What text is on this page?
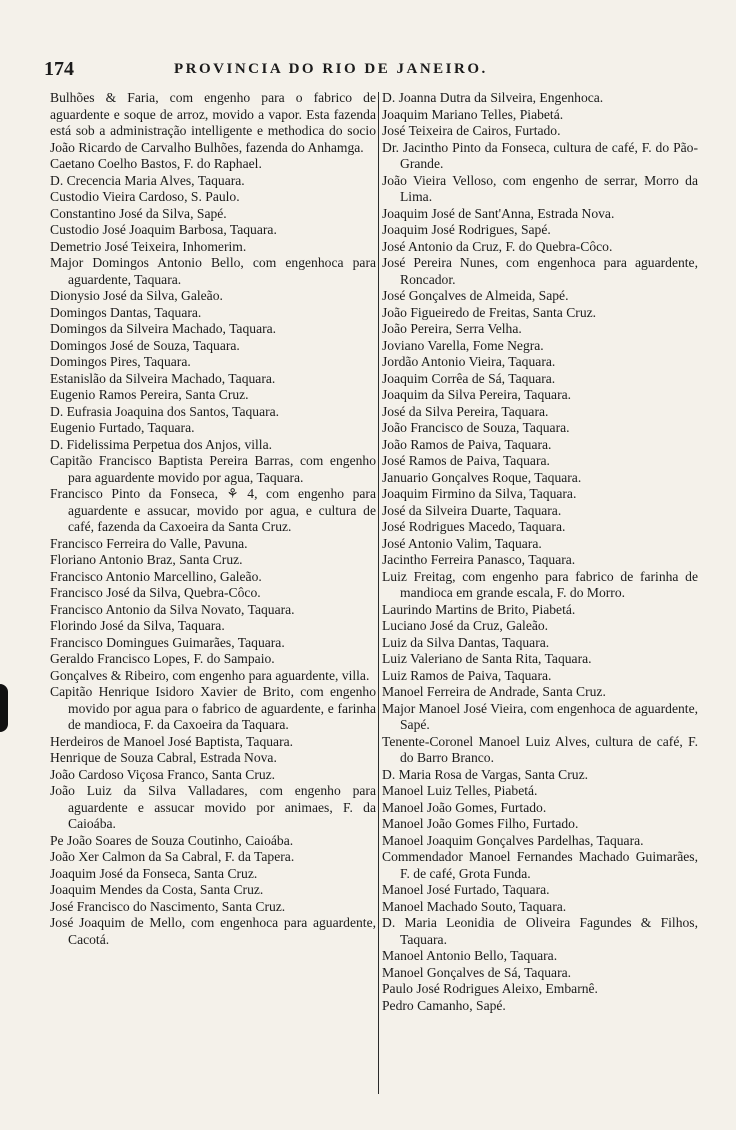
174	PROVINCIA DO RIO DE JANEIRO.
Bulhões & Faria, com engenho para o fabrico de aguardente e soque de arroz, movido a vapor. Esta fazenda está sob a administração intelligente e methodica do socio João Ricardo de Carvalho Bulhões, fazenda do Anhamga.
Caetano Coelho Bastos, F. do Raphael.
D. Crecencia Maria Alves, Taquara.
Custodio Vieira Cardoso, S. Paulo.
Constantino José da Silva, Sapé.
Custodio José Joaquim Barbosa, Taquara.
Demetrio José Teixeira, Inhomerim.
Major Domingos Antonio Bello, com engenhoca para aguardente, Taquara.
Dionysio José da Silva, Galeão.
Domingos Dantas, Taquara.
Domingos da Silveira Machado, Taquara.
Domingos José de Souza, Taquara.
Domingos Pires, Taquara.
Estanislão da Silveira Machado, Taquara.
Eugenio Ramos Pereira, Santa Cruz.
D. Eufrasia Joaquina dos Santos, Taquara.
Eugenio Furtado, Taquara.
D. Fidelissima Perpetua dos Anjos, villa.
Capitão Francisco Baptista Pereira Barras, com engenho para aguardente movido por agua, Taquara.
Francisco Pinto da Fonseca, ⚘ 4, com engenho para aguardente e assucar, movido por agua, e cultura de café, fazenda da Caxoeira da Santa Cruz.
Francisco Ferreira do Valle, Pavuna.
Floriano Antonio Braz, Santa Cruz.
Francisco Antonio Marcellino, Galeão.
Francisco José da Silva, Quebra-Côco.
Francisco Antonio da Silva Novato, Taquara.
Florindo José da Silva, Taquara.
Francisco Domingues Guimarães, Taquara.
Geraldo Francisco Lopes, F. do Sampaio.
Gonçalves & Ribeiro, com engenho para aguardente, villa.
Capitão Henrique Isidoro Xavier de Brito, com engenho movido por agua para o fabrico de aguardente, e farinha de mandioca, F. da Caxoeira da Taquara.
Herdeiros de Manoel José Baptista, Taquara.
Henrique de Souza Cabral, Estrada Nova.
João Cardoso Viçosa Franco, Santa Cruz.
João Luiz da Silva Valladares, com engenho para aguardente e assucar movido por animaes, F. da Caioába.
Pe João Soares de Souza Coutinho, Caioába.
João Xer Calmon da Sa Cabral, F. da Tapera.
Joaquim José da Fonseca, Santa Cruz.
Joaquim Mendes da Costa, Santa Cruz.
José Francisco do Nascimento, Santa Cruz.
José Joaquim de Mello, com engenhoca para aguardente, Cacotá.
D. Joanna Dutra da Silveira, Engenhoca.
Joaquim Mariano Telles, Piabetá.
José Teixeira de Cairos, Furtado.
Dr. Jacintho Pinto da Fonseca, cultura de café, F. do Pão-Grande.
João Vieira Velloso, com engenho de serrar, Morro da Lima.
Joaquim José de Sant'Anna, Estrada Nova.
Joaquim José Rodrigues, Sapé.
José Antonio da Cruz, F. do Quebra-Côco.
José Pereira Nunes, com engenhoca para aguardente, Roncador.
José Gonçalves de Almeida, Sapé.
João Figueiredo de Freitas, Santa Cruz.
João Pereira, Serra Velha.
Joviano Varella, Fome Negra.
Jordão Antonio Vieira, Taquara.
Joaquim Corrêa de Sá, Taquara.
Joaquim da Silva Pereira, Taquara.
José da Silva Pereira, Taquara.
João Francisco de Souza, Taquara.
João Ramos de Paiva, Taquara.
José Ramos de Paiva, Taquara.
Januario Gonçalves Roque, Taquara.
Joaquim Firmino da Silva, Taquara.
José da Silveira Duarte, Taquara.
José Rodrigues Macedo, Taquara.
José Antonio Valim, Taquara.
Jacintho Ferreira Panasco, Taquara.
Luiz Freitag, com engenho para fabrico de farinha de mandioca em grande escala, F. do Morro.
Laurindo Martins de Brito, Piabetá.
Luciano José da Cruz, Galeão.
Luiz da Silva Dantas, Taquara.
Luiz Valeriano de Santa Rita, Taquara.
Luiz Ramos de Paiva, Taquara.
Manoel Ferreira de Andrade, Santa Cruz.
Major Manoel José Vieira, com engenhoca de aguardente, Sapé.
Tenente-Coronel Manoel Luiz Alves, cultura de café, F. do Barro Branco.
D. Maria Rosa de Vargas, Santa Cruz.
Manoel Luiz Telles, Piabetá.
Manoel João Gomes, Furtado.
Manoel João Gomes Filho, Furtado.
Manoel Joaquim Gonçalves Pardelhas, Taquara.
Commendador Manoel Fernandes Machado Guimarães, F. de café, Grota Funda.
Manoel José Furtado, Taquara.
Manoel Machado Souto, Taquara.
D. Maria Leonidia de Oliveira Fagundes & Filhos, Taquara.
Manoel Antonio Bello, Taquara.
Manoel Gonçalves de Sá, Taquara.
Paulo José Rodrigues Aleixo, Embarnê.
Pedro Camanho, Sapé.
